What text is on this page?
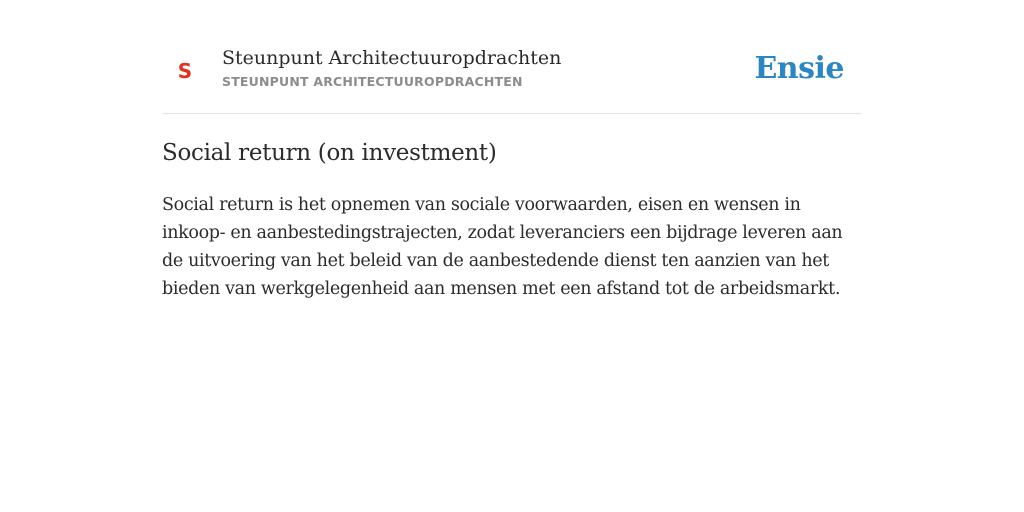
S
Steunpunt Architectuuropdrachten
STEUNPUNT ARCHITECTUUROPDRACHTEN	Ensie
Social return (on investment)

Social return is het opnemen van sociale voorwaarden, eisen en wensen in inkoop- en aanbestedingstrajecten, zodat leveranciers een bijdrage leveren aan de uitvoering van het beleid van de aanbestedende dienst ten aanzien van het bieden van werkgelegenheid aan mensen met een afstand tot de arbeidsmarkt.
